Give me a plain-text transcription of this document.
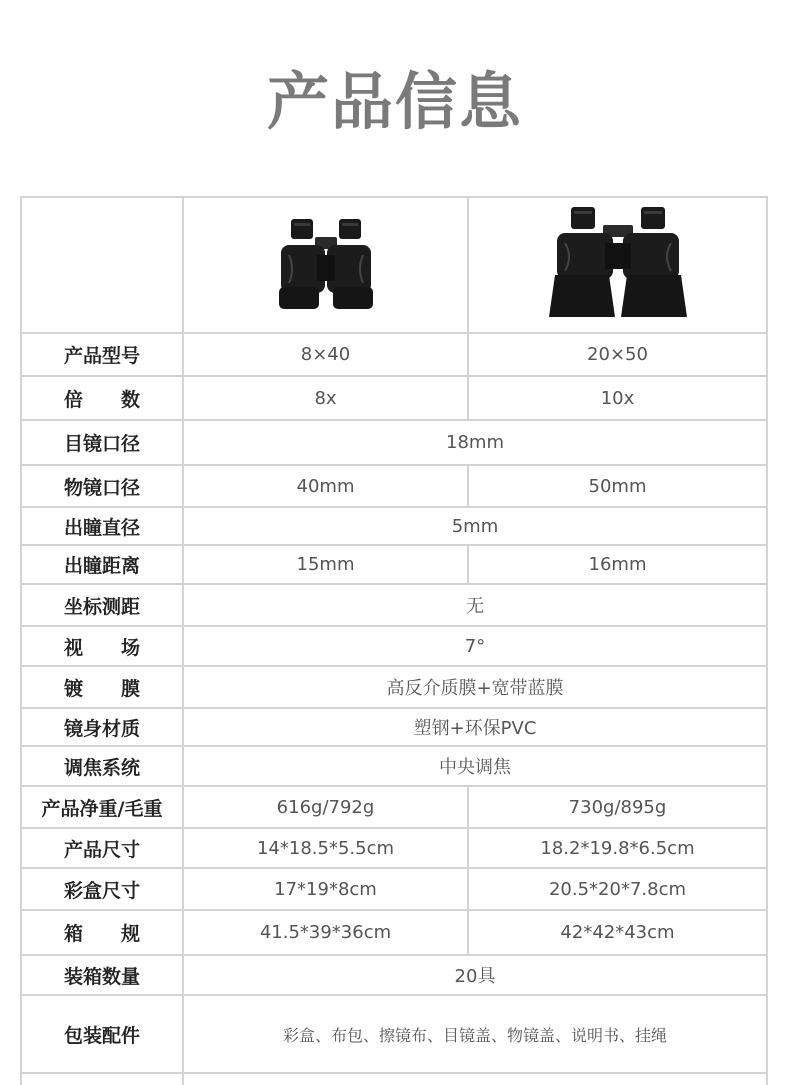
产品信息

产品型号	8×40	20×50
倍　　数	8x	10x
目镜口径	18mm	
物镜口径	40mm	50mm
出瞳直径	5mm	
出瞳距离	15mm	16mm
坐标测距	无	
视　　场	7°	
镀　　膜	高反介质膜+宽带蓝膜	
镜身材质	塑钢+环保PVC	
调焦系统	中央调焦	
产品净重/毛重	616g/792g	730g/895g
产品尺寸	14*18.5*5.5cm	18.2*19.8*6.5cm
彩盒尺寸	17*19*8cm	20.5*20*7.8cm
箱　　规	41.5*39*36cm	42*42*43cm
装箱数量	20具	
包装配件	彩盒、布包、擦镜布、目镜盖、物镜盖、说明书、挂绳	
